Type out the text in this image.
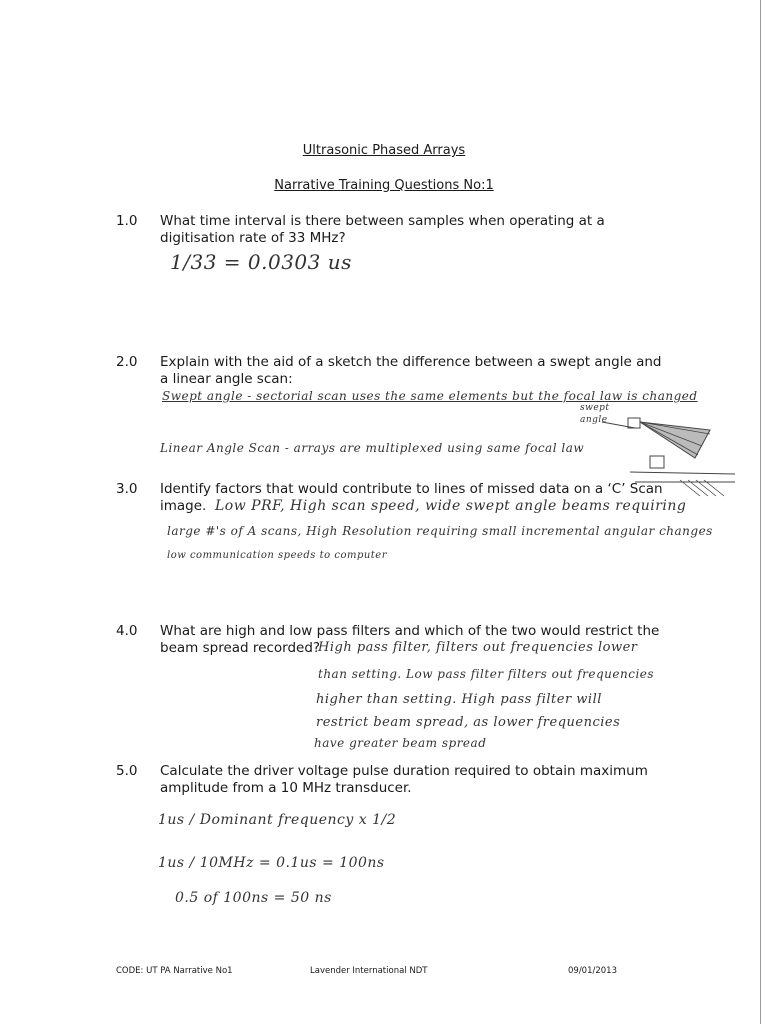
Ultrasonic Phased Arrays
Narrative Training Questions No:1
1.0 What time interval is there between samples when operating at a
digitisation rate of 33 MHz?
1/33 = 0.0303 us
2.0 Explain with the aid of a sketch the difference between a swept angle and
a linear angle scan:
Swept angle - sectorial scan uses the same elements but the focal law is changed
Linear Angle Scan - arrays are multiplexed using same focal law
swept
angle
3.0 Identify factors that would contribute to lines of missed data on a ‘C’ Scan
image. Low PRF, High scan speed, wide swept angle beams requiring
large #'s of A scans, High Resolution requiring small incremental angular changes
low communication speeds to computer
4.0 What are high and low pass filters and which of the two would restrict the
beam spread recorded?
High pass filter, filters out frequencies lower
than setting. Low pass filter filters out frequencies
higher than setting. High pass filter will
restrict beam spread, as lower frequencies
have greater beam spread
5.0 Calculate the driver voltage pulse duration required to obtain maximum
amplitude from a 10 MHz transducer.
1us / Dominant frequency x 1/2
1us / 10MHz = 0.1us = 100ns
0.5 of 100ns = 50 ns
CODE: UT PA Narrative No1	Lavender International NDT	09/01/2013
